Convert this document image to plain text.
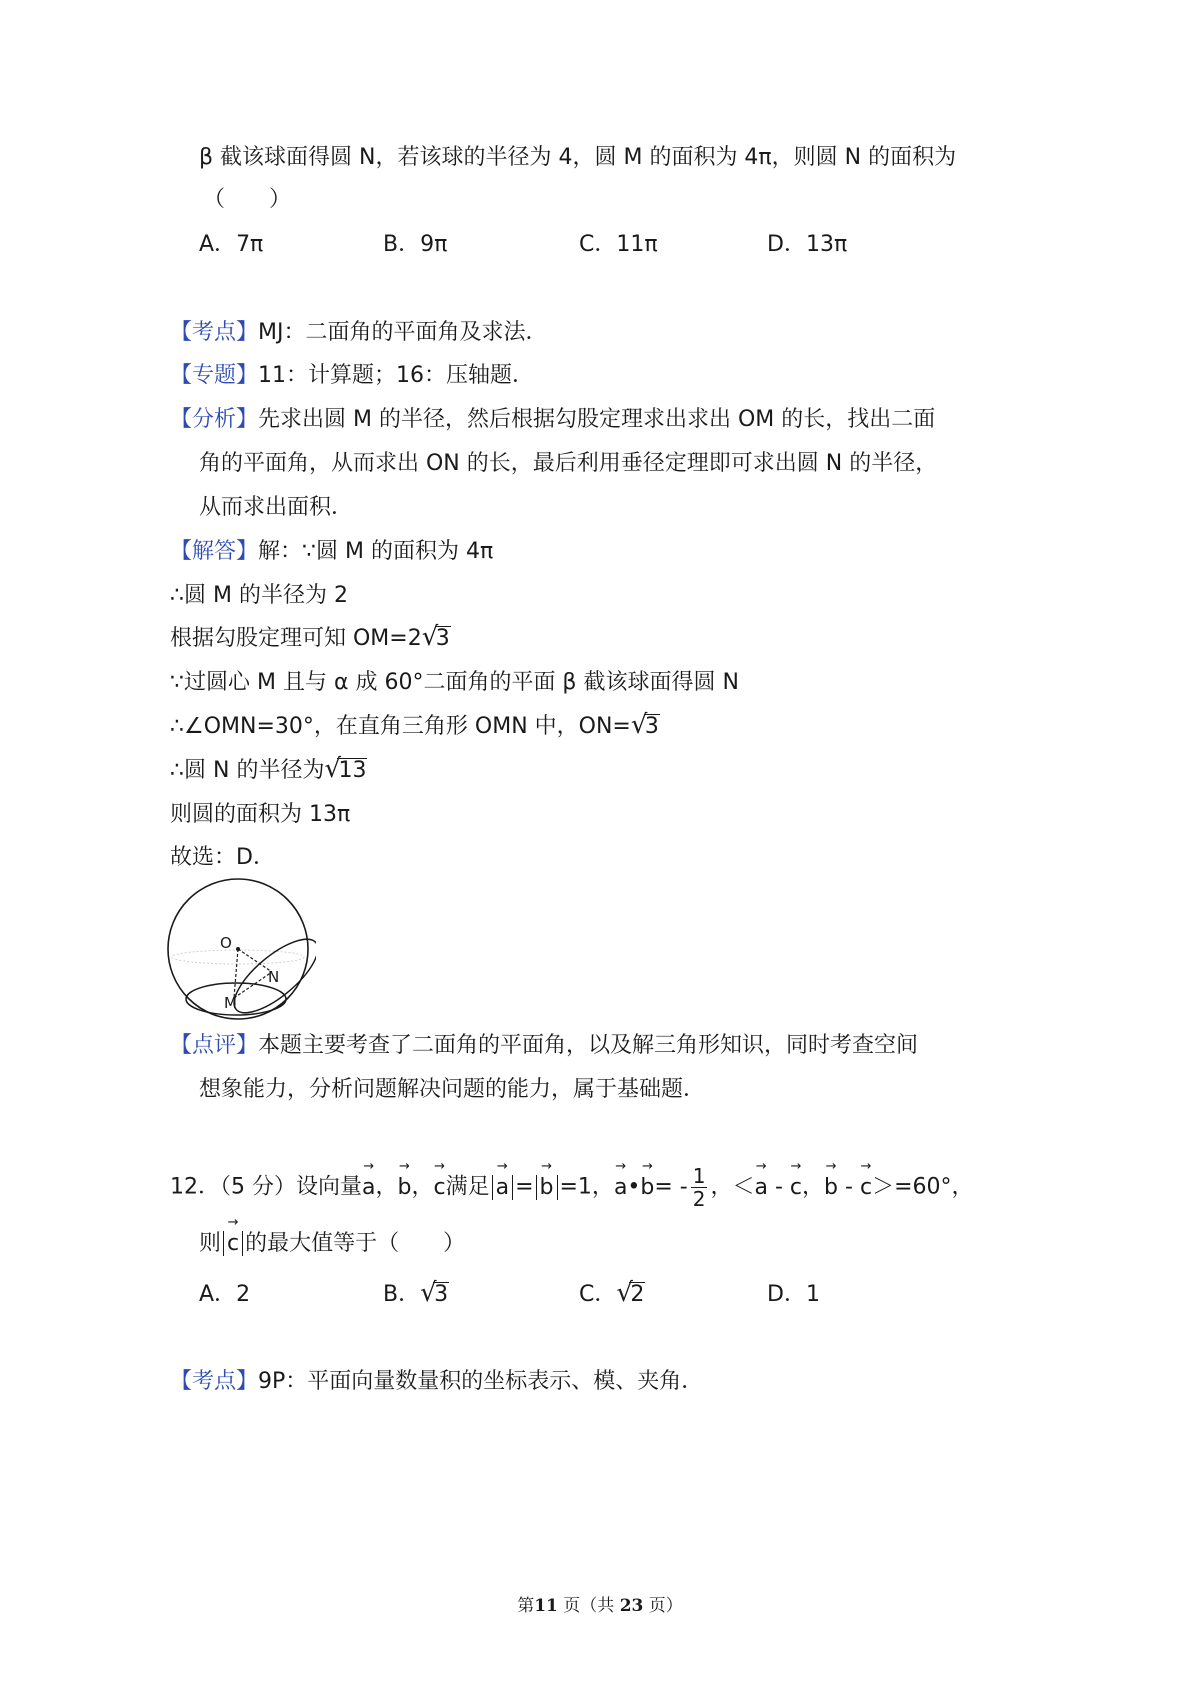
β 截该球面得圆 N，若该球的半径为 4，圆 M 的面积为 4π，则圆 N 的面积为
（　　）
A．7π	B．9π	C．11π	D．13π
【考点】MJ：二面角的平面角及求法．
【专题】11：计算题；16：压轴题．
【分析】先求出圆 M 的半径，然后根据勾股定理求出求出 OM 的长，找出二面
角的平面角，从而求出 ON 的长，最后利用垂径定理即可求出圆 N 的半径，
从而求出面积．
【解答】解：∵圆 M 的面积为 4π
∴圆 M 的半径为 2
根据勾股定理可知 OM=2 √
3
∵过圆心 M 且与 α 成 60°二面角的平面 β 截该球面得圆 N
∴∠OMN=30°，在直角三角形 OMN 中，ON= √
3
∴圆 N 的半径为 √
13
则圆的面积为 13π
故选：D．
O
M
N
【点评】本题主要考查了二面角的平面角，以及解三角形知识，同时考查空间
想象能力，分析问题解决问题的能力，属于基础题．
12．（5 分）设向量
→
a，
→
b，
→
c满足
→
a =
→
b =1，
→
a•
→
$b= - \frac{1}{2}$ ，＜
→
a -
→
c，
→
b -
→
c＞=60°，
则
→
c 的最大值等于（　　）
A．2	B． √
3	C． √
2	D．1
【考点】9P：平面向量数量积的坐标表示、模、夹角．
第11 页（共 23 页）
